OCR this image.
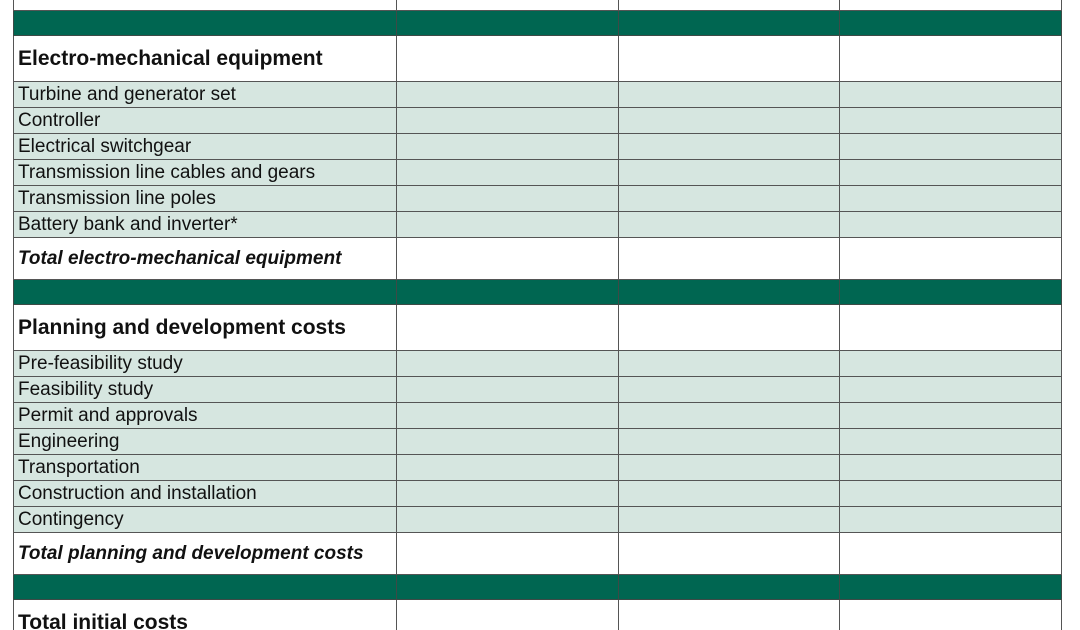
Electro-mechanical equipment			
Turbine and generator set			
Controller			
Electrical switchgear			
Transmission line cables and gears			
Transmission line poles			
Battery bank and inverter*			
Total electro-mechanical equipment			

Planning and development costs			
Pre-feasibility study			
Feasibility study			
Permit and approvals			
Engineering			
Transportation			
Construction and installation			
Contingency			
Total planning and development costs			

Total initial costs			
